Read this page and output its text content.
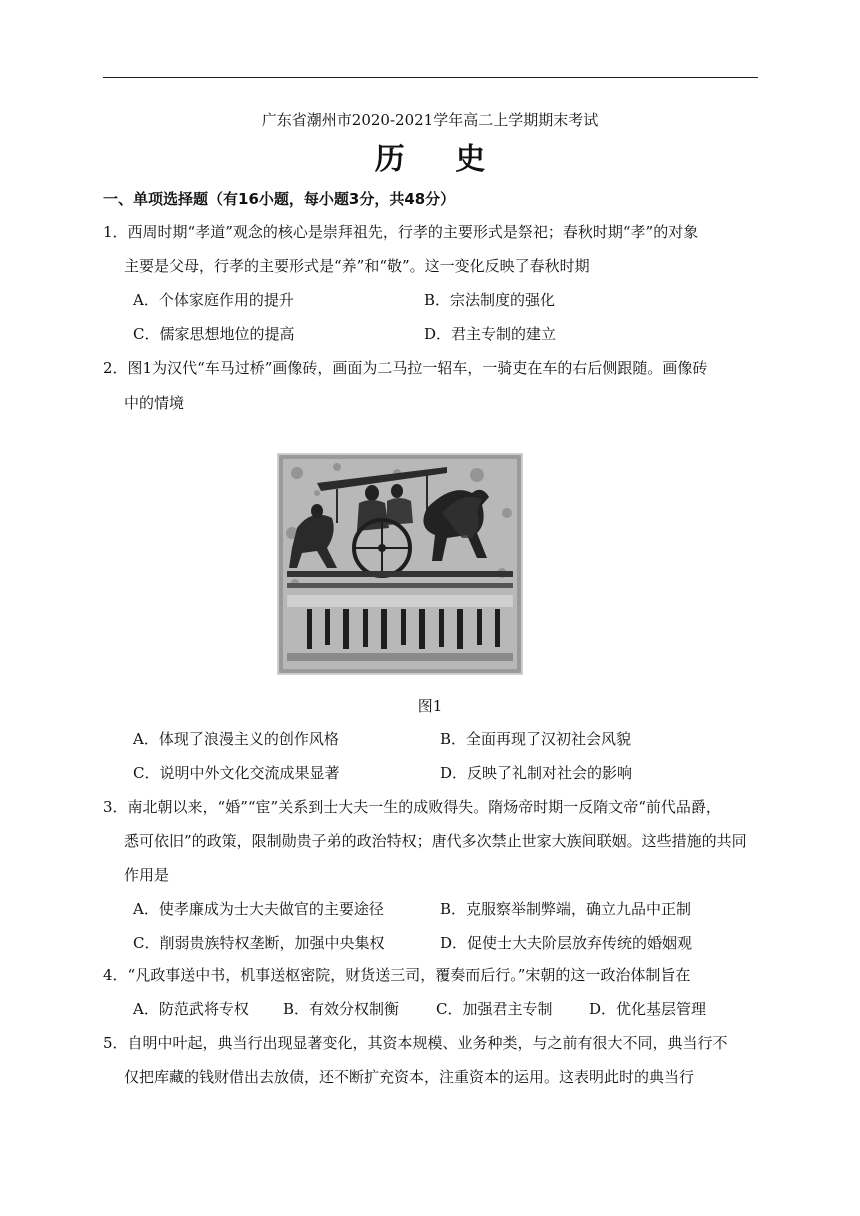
广东省潮州市2020-2021学年高二上学期期末考试
历 史
一、单项选择题（有16小题，每小题3分，共48分）
1．西周时期“孝道”观念的核心是崇拜祖先，行孝的主要形式是祭祀；春秋时期“孝”的对象
主要是父母，行孝的主要形式是“养”和“敬”。这一变化反映了春秋时期
A．个体家庭作用的提升	B．宗法制度的强化
C．儒家思想地位的提高	D．君主专制的建立
2．图1为汉代“车马过桥”画像砖，画面为二马拉一轺车，一骑吏在车的右后侧跟随。画像砖
中的情境
图1
A．体现了浪漫主义的创作风格	B．全面再现了汉初社会风貌
C．说明中外文化交流成果显著	D．反映了礼制对社会的影响
3．南北朝以来，“婚”“宦”关系到士大夫一生的成败得失。隋炀帝时期一反隋文帝“前代品爵，
悉可依旧”的政策，限制勋贵子弟的政治特权；唐代多次禁止世家大族间联姻。这些措施的共同
作用是
A．使孝廉成为士大夫做官的主要途径	B．克服察举制弊端，确立九品中正制
C．削弱贵族特权垄断，加强中央集权	D．促使士大夫阶层放弃传统的婚姻观
4．“凡政事送中书，机事送枢密院，财货送三司，覆奏而后行。”宋朝的这一政治体制旨在
A．防范武将专权 B．有效分权制衡 C．加强君主专制 D．优化基层管理
5．自明中叶起，典当行出现显著变化，其资本规模、业务种类，与之前有很大不同，典当行不
仅把库藏的钱财借出去放债，还不断扩充资本，注重资本的运用。这表明此时的典当行
